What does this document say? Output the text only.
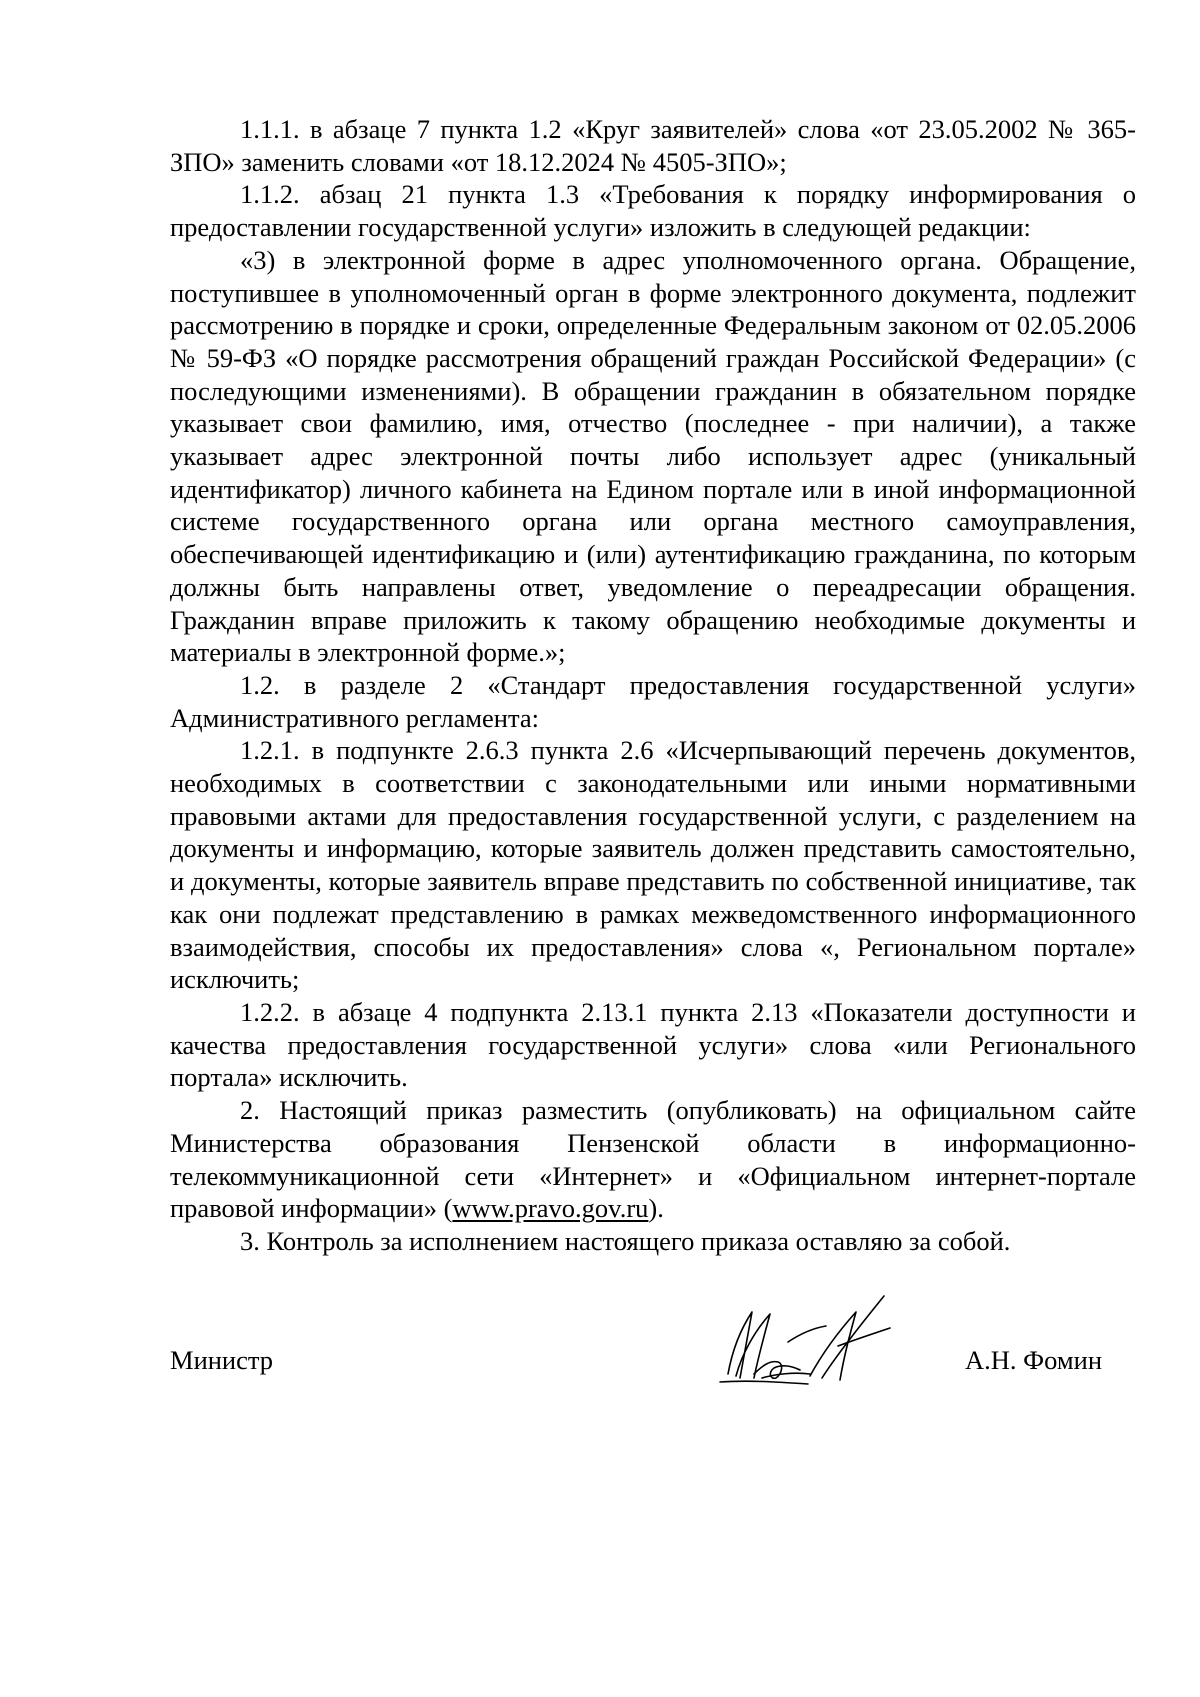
1.1.1. в абзаце 7 пункта 1.2 «Круг заявителей» слова «от 23.05.2002 № 365-ЗПО» заменить словами «от 18.12.2024 № 4505-ЗПО»;

1.1.2. абзац 21 пункта 1.3 «Требования к порядку информирования о предоставлении государственной услуги» изложить в следующей редакции:

«3) в электронной форме в адрес уполномоченного органа. Обращение, поступившее в уполномоченный орган в форме электронного документа, подлежит рассмотрению в порядке и сроки, определенные Федеральным законом от 02.05.2006 № 59-ФЗ «О порядке рассмотрения обращений граждан Российской Федерации» (с последующими изменениями). В обращении гражданин в обязательном порядке указывает свои фамилию, имя, отчество (последнее - при наличии), а также указывает адрес электронной почты либо использует адрес (уникальный идентификатор) личного кабинета на Едином портале или в иной информационной системе государственного органа или органа местного самоуправления, обеспечивающей идентификацию и (или) аутентификацию гражданина, по которым должны быть направлены ответ, уведомление о переадресации обращения. Гражданин вправе приложить к такому обращению необходимые документы и материалы в электронной форме.»;

1.2. в разделе 2 «Стандарт предоставления государственной услуги» Административного регламента:

1.2.1. в подпункте 2.6.3 пункта 2.6 «Исчерпывающий перечень документов, необходимых в соответствии с законодательными или иными нормативными правовыми актами для предоставления государственной услуги, с разделением на документы и информацию, которые заявитель должен представить самостоятельно, и документы, которые заявитель вправе представить по собственной инициативе, так как они подлежат представлению в рамках межведомственного информационного взаимодействия, способы их предоставления» слова «, Региональном портале» исключить;

1.2.2. в абзаце 4 подпункта 2.13.1 пункта 2.13 «Показатели доступности и качества предоставления государственной услуги» слова «или Регионального портала» исключить.

2. Настоящий приказ разместить (опубликовать) на официальном сайте Министерства образования Пензенской области в информационно-телекоммуникационной сети «Интернет» и «Официальном интернет-портале правовой информации» (www.pravo.gov.ru).

3. Контроль за исполнением настоящего приказа оставляю за собой.

Министр	А.Н. Фомин
